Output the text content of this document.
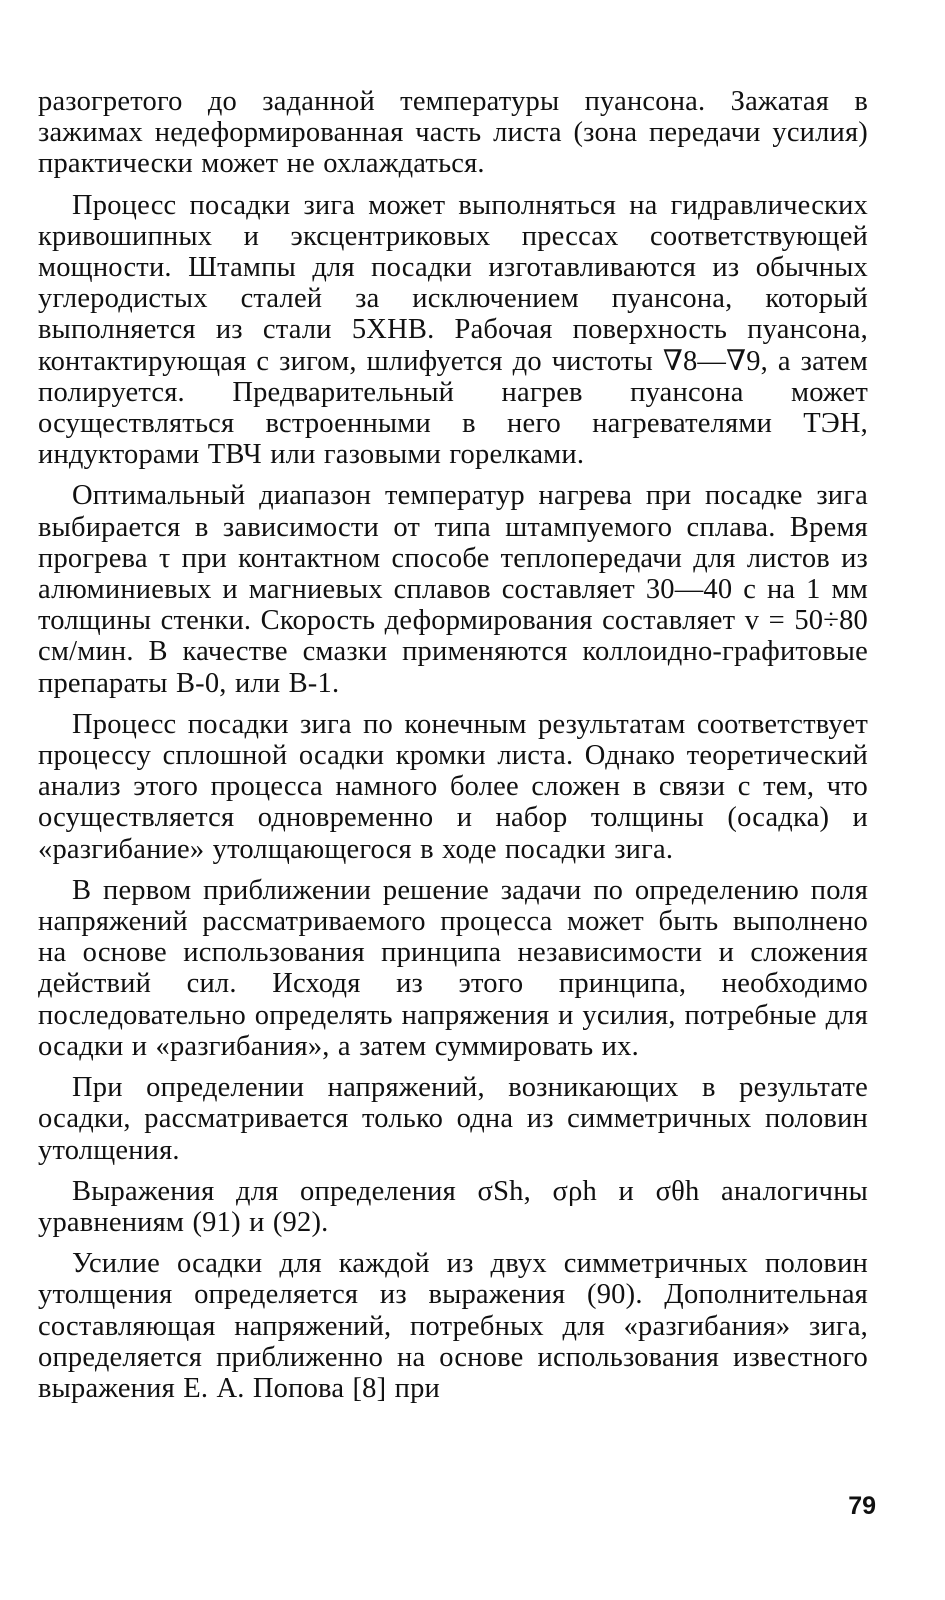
разогретого до заданной температуры пуансона. Зажатая в зажимах недеформированная часть листа (зона передачи усилия) практически может не охлаждаться.

Процесс посадки зига может выполняться на гидравлических кривошипных и эксцентриковых прессах соответствующей мощности. Штампы для посадки изготавливаются из обычных углеродистых сталей за исключением пуансона, который выполняется из стали 5ХНВ. Рабочая поверхность пуансона, контактирующая с зигом, шлифуется до чистоты ∇8—∇9, а затем полируется. Предварительный нагрев пуансона может осуществляться встроенными в него нагревателями ТЭН, индукторами ТВЧ или газовыми горелками.

Оптимальный диапазон температур нагрева при посадке зига выбирается в зависимости от типа штампуемого сплава. Время прогрева τ при контактном способе теплопередачи для листов из алюминиевых и магниевых сплавов составляет 30—40 с на 1 мм толщины стенки. Скорость деформирования составляет v = 50÷80 см/мин. В качестве смазки применяются коллоидно-графитовые препараты В-0, или В-1.

Процесс посадки зига по конечным результатам соответствует процессу сплошной осадки кромки листа. Однако теоретический анализ этого процесса намного более сложен в связи с тем, что осуществляется одновременно и набор толщины (осадка) и «разгибание» утолщающегося в ходе посадки зига.

В первом приближении решение задачи по определению поля напряжений рассматриваемого процесса может быть выполнено на основе использования принципа независимости и сложения действий сил. Исходя из этого принципа, необходимо последовательно определять напряжения и усилия, потребные для осадки и «разгибания», а затем суммировать их.

При определении напряжений, возникающих в результате осадки, рассматривается только одна из симметричных половин утолщения.

Выражения для определения σSh, σρh и σθh аналогичны уравнениям (91) и (92).

Усилие осадки для каждой из двух симметричных половин утолщения определяется из выражения (90). Дополнительная составляющая напряжений, потребных для «разгибания» зига, определяется приближенно на основе использования известного выражения Е. А. Попова [8] при

79
